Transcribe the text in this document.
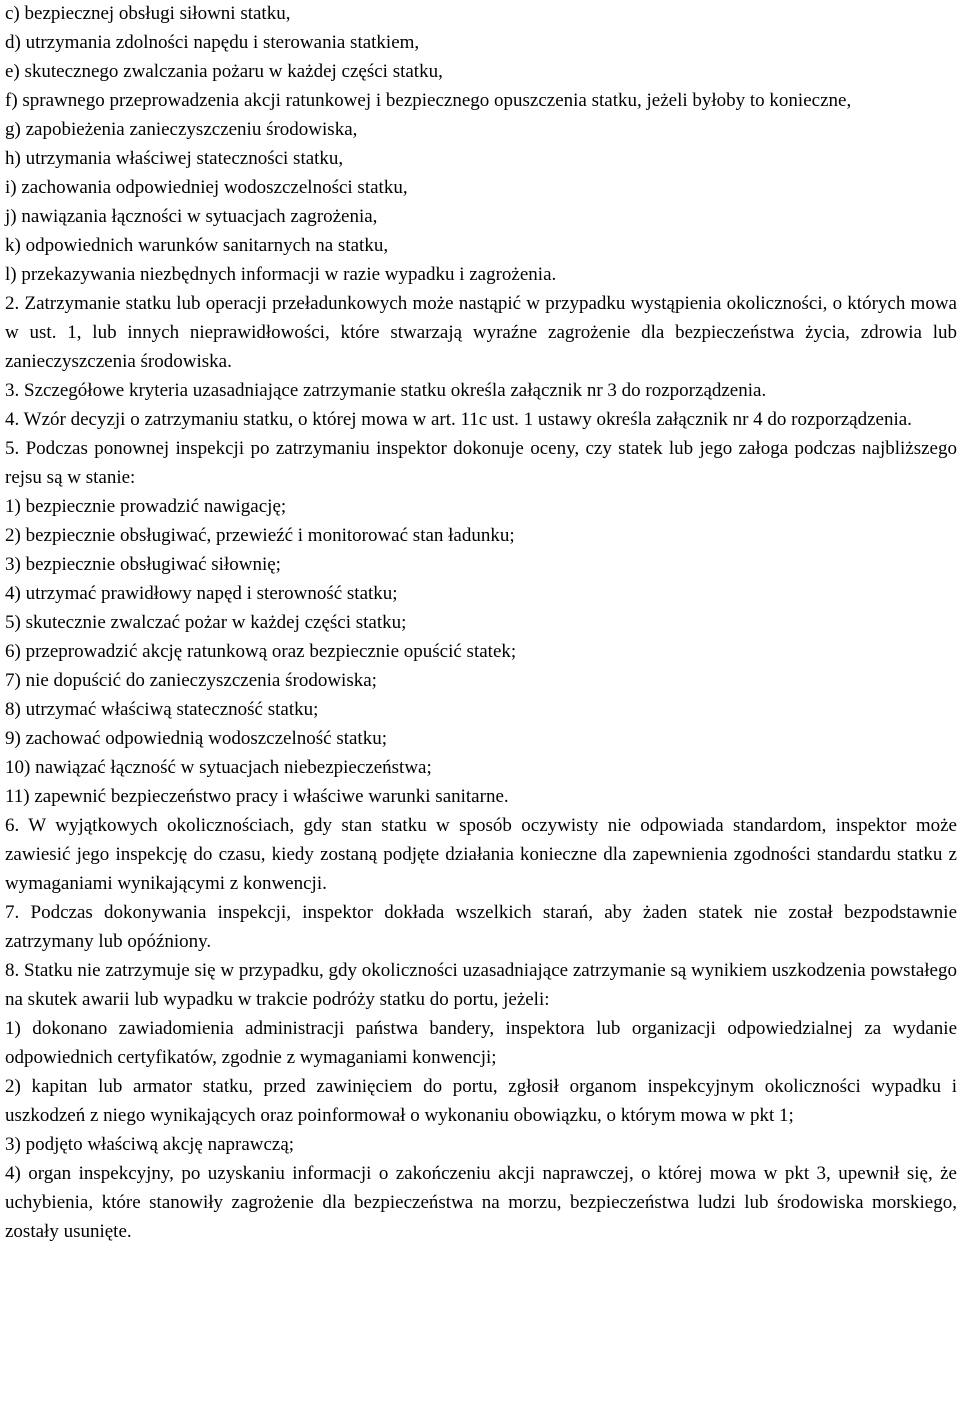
c) bezpiecznej obsługi siłowni statku,

d) utrzymania zdolności napędu i sterowania statkiem,

e) skutecznego zwalczania pożaru w każdej części statku,

f) sprawnego przeprowadzenia akcji ratunkowej i bezpiecznego opuszczenia statku, jeżeli byłoby to konieczne,

g) zapobieżenia zanieczyszczeniu środowiska,

h) utrzymania właściwej stateczności statku,

i) zachowania odpowiedniej wodoszczelności statku,

j) nawiązania łączności w sytuacjach zagrożenia,

k) odpowiednich warunków sanitarnych na statku,

l) przekazywania niezbędnych informacji w razie wypadku i zagrożenia.

2. Zatrzymanie statku lub operacji przeładunkowych może nastąpić w przypadku wystąpienia okoliczności, o których mowa w ust. 1, lub innych nieprawidłowości, które stwarzają wyraźne zagrożenie dla bezpieczeństwa życia, zdrowia lub zanieczyszczenia środowiska.

3. Szczegółowe kryteria uzasadniające zatrzymanie statku określa załącznik nr 3 do rozporządzenia.

4. Wzór decyzji o zatrzymaniu statku, o której mowa w art. 11c ust. 1 ustawy określa załącznik nr 4 do rozporządzenia.

5. Podczas ponownej inspekcji po zatrzymaniu inspektor dokonuje oceny, czy statek lub jego załoga podczas najbliższego rejsu są w stanie:

1) bezpiecznie prowadzić nawigację;

2) bezpiecznie obsługiwać, przewieźć i monitorować stan ładunku;

3) bezpiecznie obsługiwać siłownię;

4) utrzymać prawidłowy napęd i sterowność statku;

5) skutecznie zwalczać pożar w każdej części statku;

6) przeprowadzić akcję ratunkową oraz bezpiecznie opuścić statek;

7) nie dopuścić do zanieczyszczenia środowiska;

8) utrzymać właściwą stateczność statku;

9) zachować odpowiednią wodoszczelność statku;

10) nawiązać łączność w sytuacjach niebezpieczeństwa;

11) zapewnić bezpieczeństwo pracy i właściwe warunki sanitarne.

6. W wyjątkowych okolicznościach, gdy stan statku w sposób oczywisty nie odpowiada standardom, inspektor może zawiesić jego inspekcję do czasu, kiedy zostaną podjęte działania konieczne dla zapewnienia zgodności standardu statku z wymaganiami wynikającymi z konwencji.

7. Podczas dokonywania inspekcji, inspektor dokłada wszelkich starań, aby żaden statek nie został bezpodstawnie zatrzymany lub opóźniony.

8. Statku nie zatrzymuje się w przypadku, gdy okoliczności uzasadniające zatrzymanie są wynikiem uszkodzenia powstałego na skutek awarii lub wypadku w trakcie podróży statku do portu, jeżeli:

1) dokonano zawiadomienia administracji państwa bandery, inspektora lub organizacji odpowiedzialnej za wydanie odpowiednich certyfikatów, zgodnie z wymaganiami konwencji;

2) kapitan lub armator statku, przed zawinięciem do portu, zgłosił organom inspekcyjnym okoliczności wypadku i uszkodzeń z niego wynikających oraz poinformował o wykonaniu obowiązku, o którym mowa w pkt 1;

3) podjęto właściwą akcję naprawczą;

4) organ inspekcyjny, po uzyskaniu informacji o zakończeniu akcji naprawczej, o której mowa w pkt 3, upewnił się, że uchybienia, które stanowiły zagrożenie dla bezpieczeństwa na morzu, bezpieczeństwa ludzi lub środowiska morskiego, zostały usunięte.
